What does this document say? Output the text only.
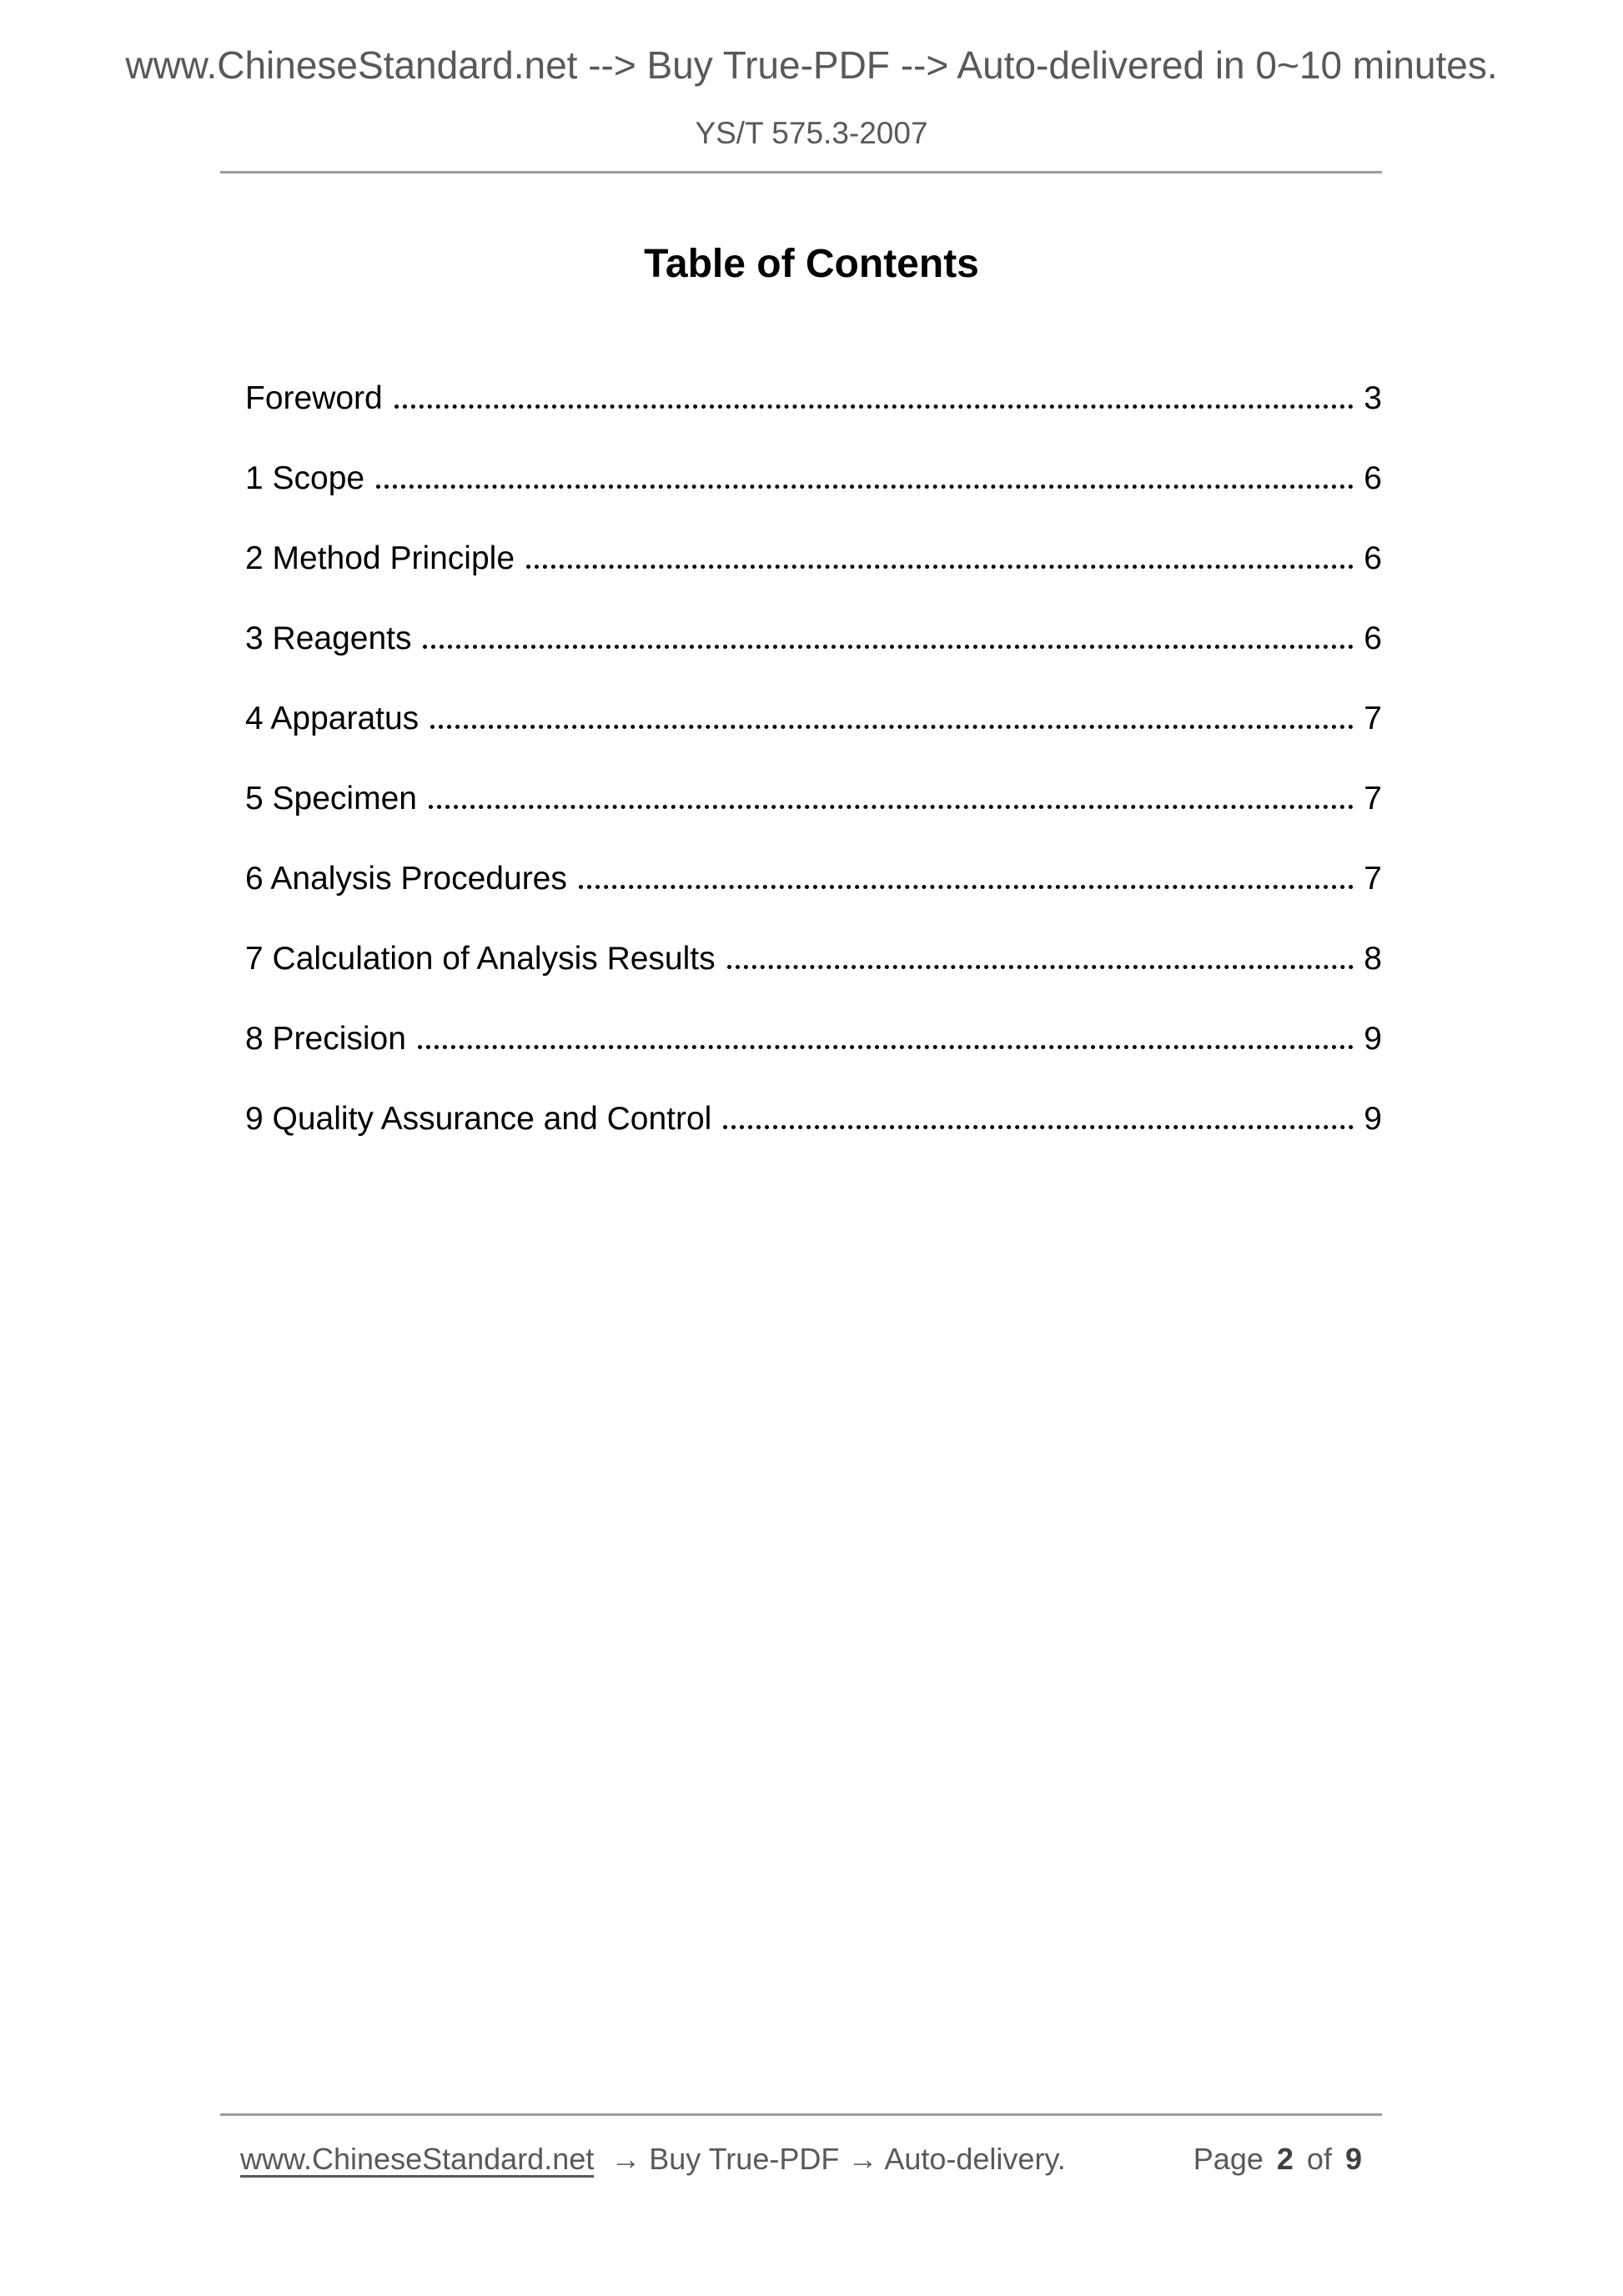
www.ChineseStandard.net --> Buy True-PDF --> Auto-delivered in 0~10 minutes.
YS/T 575.3-2007
Table of Contents
Foreword	3
1 Scope	6
2 Method Principle	6
3 Reagents	6
4 Apparatus	7
5 Specimen	7
6 Analysis Procedures	7
7 Calculation of Analysis Results	8
8 Precision	9
9 Quality Assurance and Control	9
www.ChineseStandard.net → Buy True-PDF → Auto-delivery.	Page 2 of 9
